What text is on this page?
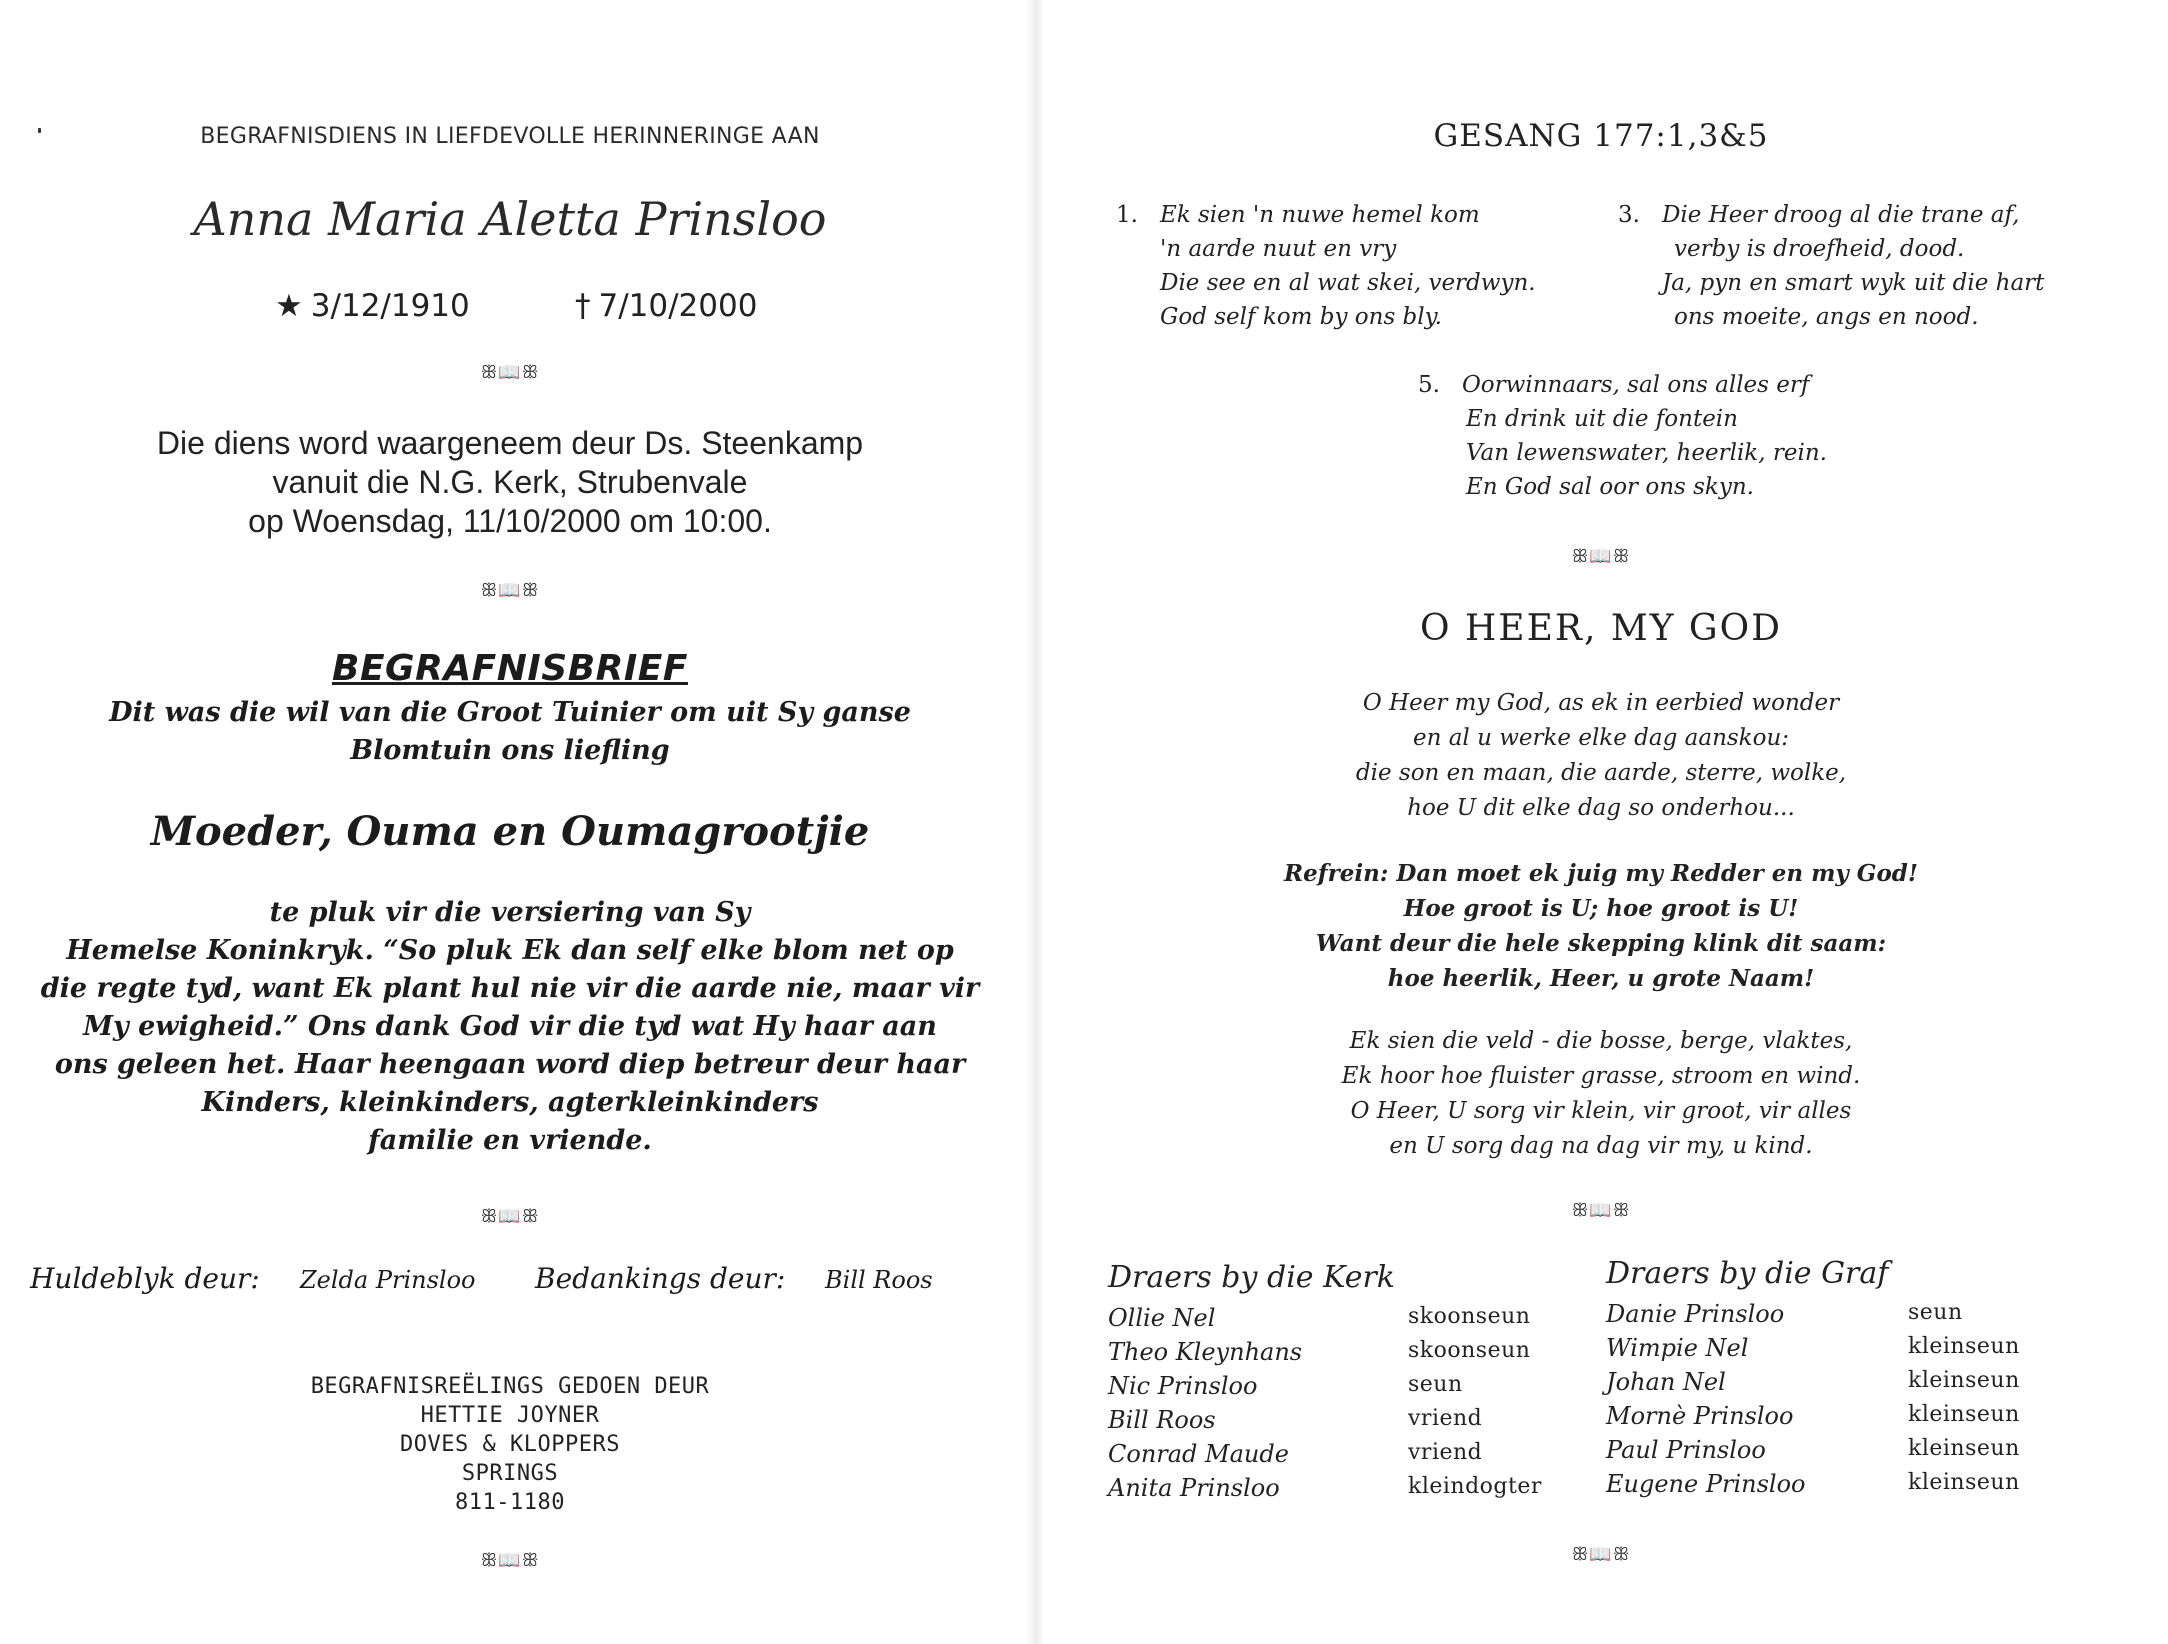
BEGRAFNISDIENS IN LIEFDEVOLLE HERINNERINGE AAN
Anna Maria Aletta Prinsloo
★ 3/12/1910	† 7/10/2000
ꕥ📖ꕥ
Die diens word waargeneem deur Ds. Steenkamp
vanuit die N.G. Kerk, Strubenvale
op Woensdag, 11/10/2000 om 10:00.
ꕥ📖ꕥ
BEGRAFNISBRIEF
Dit was die wil van die Groot Tuinier om uit Sy ganse
Blomtuin ons liefling
Moeder, Ouma en Oumagrootjie
te pluk vir die versiering van Sy
Hemelse Koninkryk. “So pluk Ek dan self elke blom net op
die regte tyd, want Ek plant hul nie vir die aarde nie, maar vir
My ewigheid.” Ons dank God vir die tyd wat Hy haar aan
ons geleen het. Haar heengaan word diep betreur deur haar
Kinders, kleinkinders, agterkleinkinders
familie en vriende.
ꕥ📖ꕥ
Huldeblyk deur: Zelda Prinsloo Bedankings deur: Bill Roos
BEGRAFNISREËLINGS GEDOEN DEUR
HETTIE JOYNER
DOVES & KLOPPERS
SPRINGS
811-1180
ꕥ📖ꕥ
GESANG 177:1,3&5
1. Ek sien 'n nuwe hemel kom
'n aarde nuut en vry
Die see en al wat skei, verdwyn.
God self kom by ons bly.
3. Die Heer droog al die trane af,
verby is droefheid, dood.
Ja, pyn en smart wyk uit die hart
ons moeite, angs en nood.
5. Oorwinnaars, sal ons alles erf
En drink uit die fontein
Van lewenswater, heerlik, rein.
En God sal oor ons skyn.
ꕥ📖ꕥ
O HEER, MY GOD
O Heer my God, as ek in eerbied wonder
en al u werke elke dag aanskou:
die son en maan, die aarde, sterre, wolke,
hoe U dit elke dag so onderhou...
Refrein: Dan moet ek juig my Redder en my God!
Hoe groot is U; hoe groot is U!
Want deur die hele skepping klink dit saam:
hoe heerlik, Heer, u grote Naam!
Ek sien die veld - die bosse, berge, vlaktes,
Ek hoor hoe fluister grasse, stroom en wind.
O Heer, U sorg vir klein, vir groot, vir alles
en U sorg dag na dag vir my, u kind.
ꕥ📖ꕥ
Draers by die Kerk
Ollie Nel	skoonseun
Theo Kleynhans	skoonseun
Nic Prinsloo	seun
Bill Roos	vriend
Conrad Maude	vriend
Anita Prinsloo	kleindogter
Draers by die Graf
Danie Prinsloo	seun
Wimpie Nel	kleinseun
Johan Nel	kleinseun
Mornè Prinsloo	kleinseun
Paul Prinsloo	kleinseun
Eugene Prinsloo	kleinseun
ꕥ📖ꕥ
